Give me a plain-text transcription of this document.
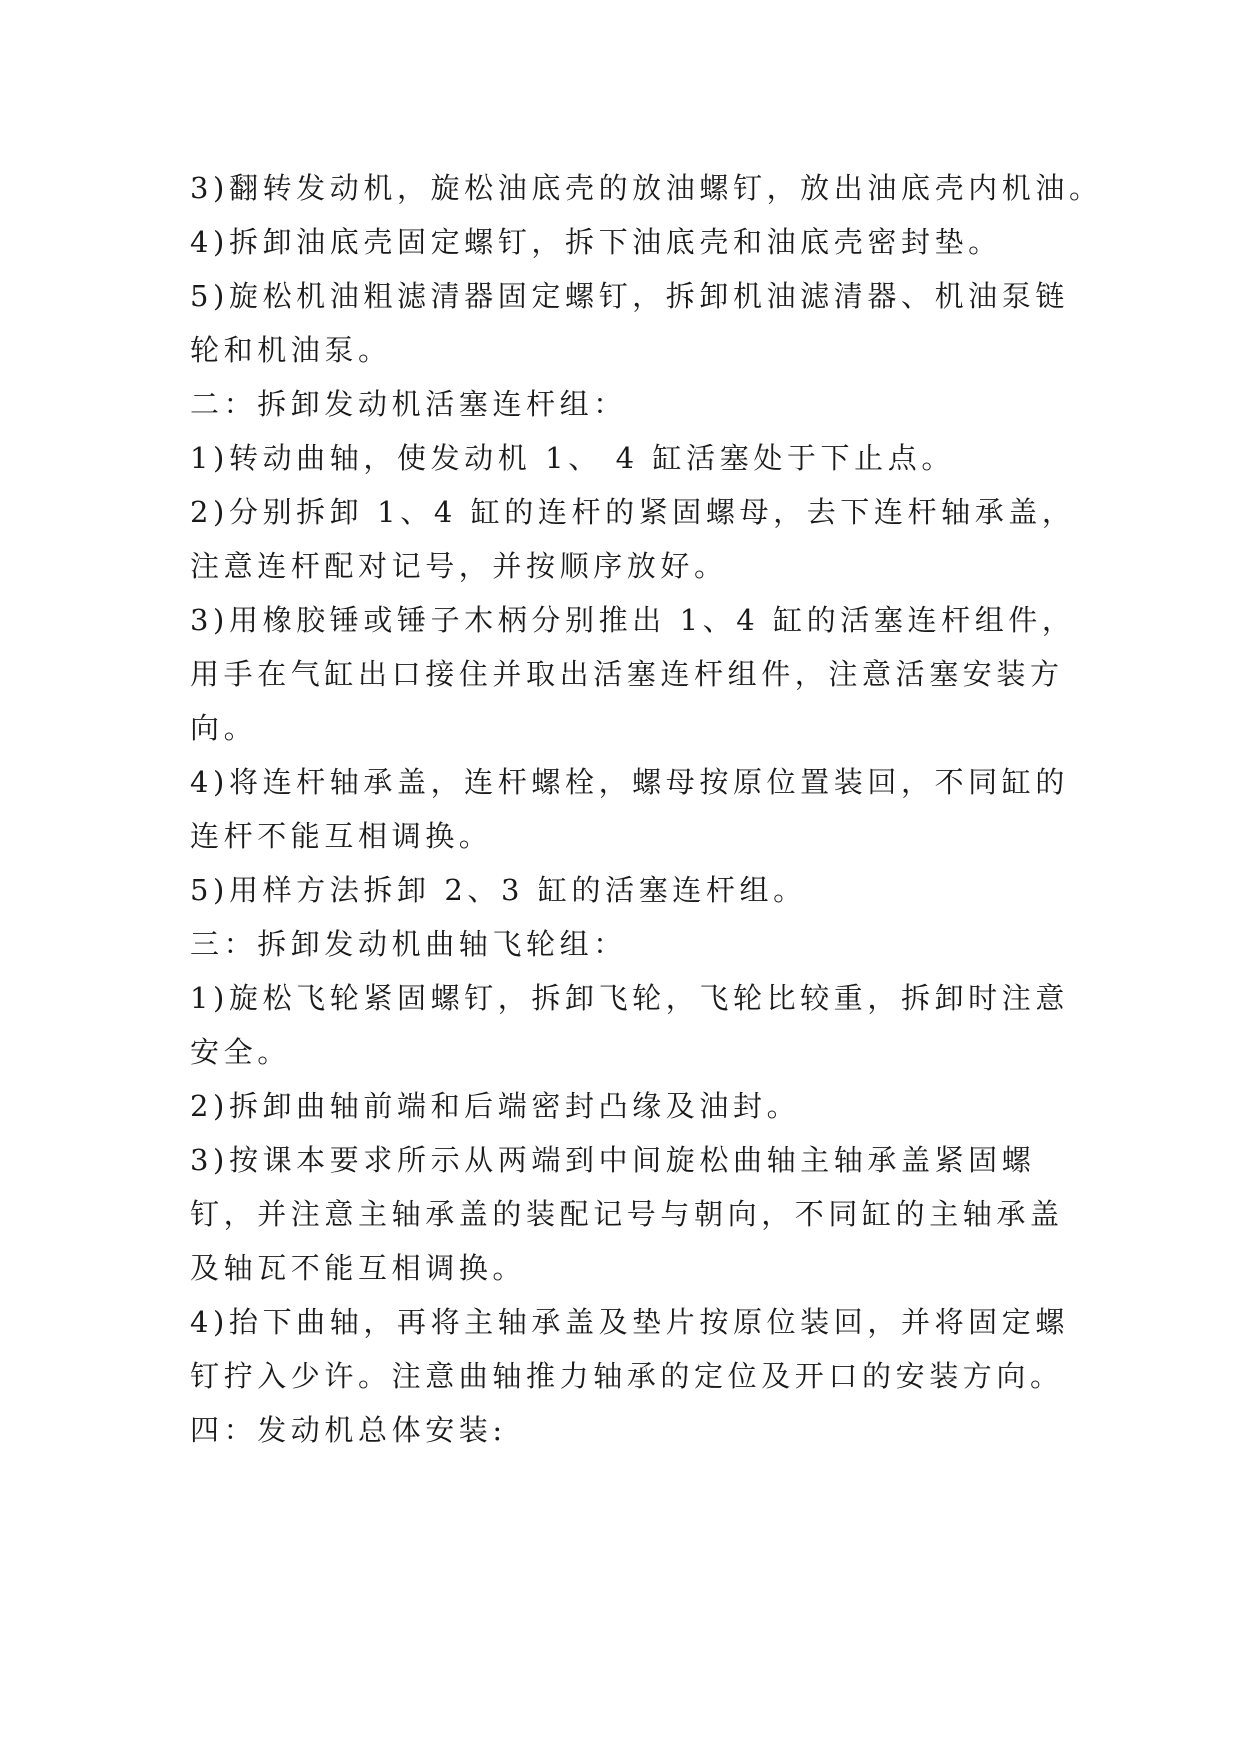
3)翻转发动机，旋松油底壳的放油螺钉，放出油底壳内机油。
4)拆卸油底壳固定螺钉，拆下油底壳和油底壳密封垫。
5)旋松机油粗滤清器固定螺钉，拆卸机油滤清器、机油泵链
轮和机油泵。
二：拆卸发动机活塞连杆组：
1)转动曲轴，使发动机 1、 4 缸活塞处于下止点。
2)分别拆卸 1、4 缸的连杆的紧固螺母，去下连杆轴承盖，
注意连杆配对记号，并按顺序放好。
3)用橡胶锤或锤子木柄分别推出 1、4 缸的活塞连杆组件，
用手在气缸出口接住并取出活塞连杆组件，注意活塞安装方
向。
4)将连杆轴承盖，连杆螺栓，螺母按原位置装回，不同缸的
连杆不能互相调换。
5)用样方法拆卸 2、3 缸的活塞连杆组。
三：拆卸发动机曲轴飞轮组：
1)旋松飞轮紧固螺钉，拆卸飞轮，飞轮比较重，拆卸时注意
安全。
2)拆卸曲轴前端和后端密封凸缘及油封。
3)按课本要求所示从两端到中间旋松曲轴主轴承盖紧固螺
钉，并注意主轴承盖的装配记号与朝向，不同缸的主轴承盖
及轴瓦不能互相调换。
4)抬下曲轴，再将主轴承盖及垫片按原位装回，并将固定螺
钉拧入少许。注意曲轴推力轴承的定位及开口的安装方向。
四：发动机总体安装:
